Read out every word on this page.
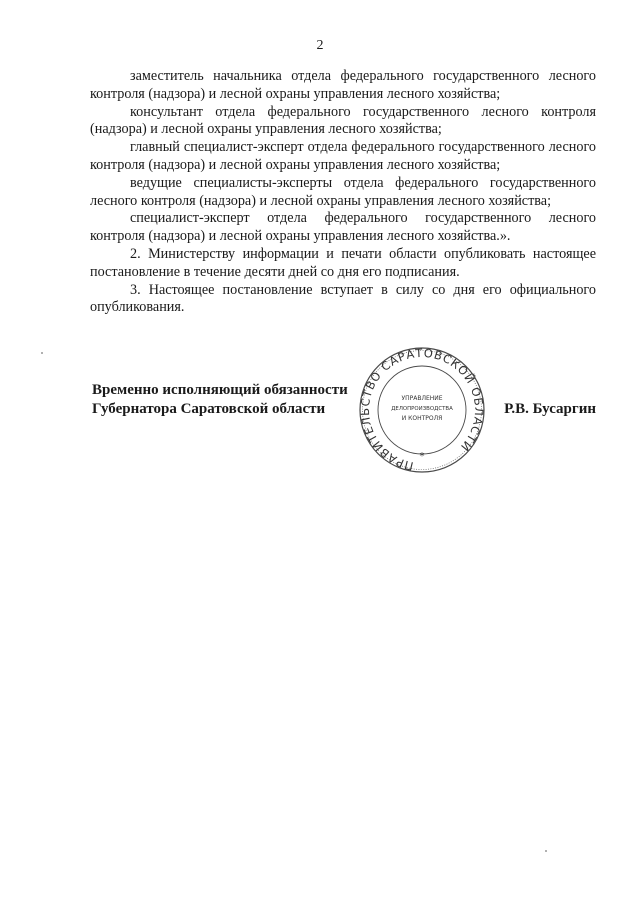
2

заместитель начальника отдела федерального государственного лесного контроля (надзора) и лесной охраны управления лесного хозяйства;

консультант отдела федерального государственного лесного контроля (надзора) и лесной охраны управления лесного хозяйства;

главный специалист-эксперт отдела федерального государственного лесного контроля (надзора) и лесной охраны управления лесного хозяйства;

ведущие специалисты-эксперты отдела федерального государственного лесного контроля (надзора) и лесной охраны управления лесного хозяйства;

специалист-эксперт отдела федерального государственного лесного контроля (надзора) и лесной охраны управления лесного хозяйства.».

2. Министерству информации и печати области опубликовать настоящее постановление в течение десяти дней со дня его подписания.

3. Настоящее постановление вступает в силу со дня его официального опубликования.

Временно исполняющий обязанности
Губернатора Саратовской области	Р.В. Бусаргин
ПРАВИТЕЛЬСТВО САРАТОВСКОЙ ОБЛАСТИ
УПРАВЛЕНИЕ
ДЕЛОПРОИЗВОДСТВА
И КОНТРОЛЯ
*
